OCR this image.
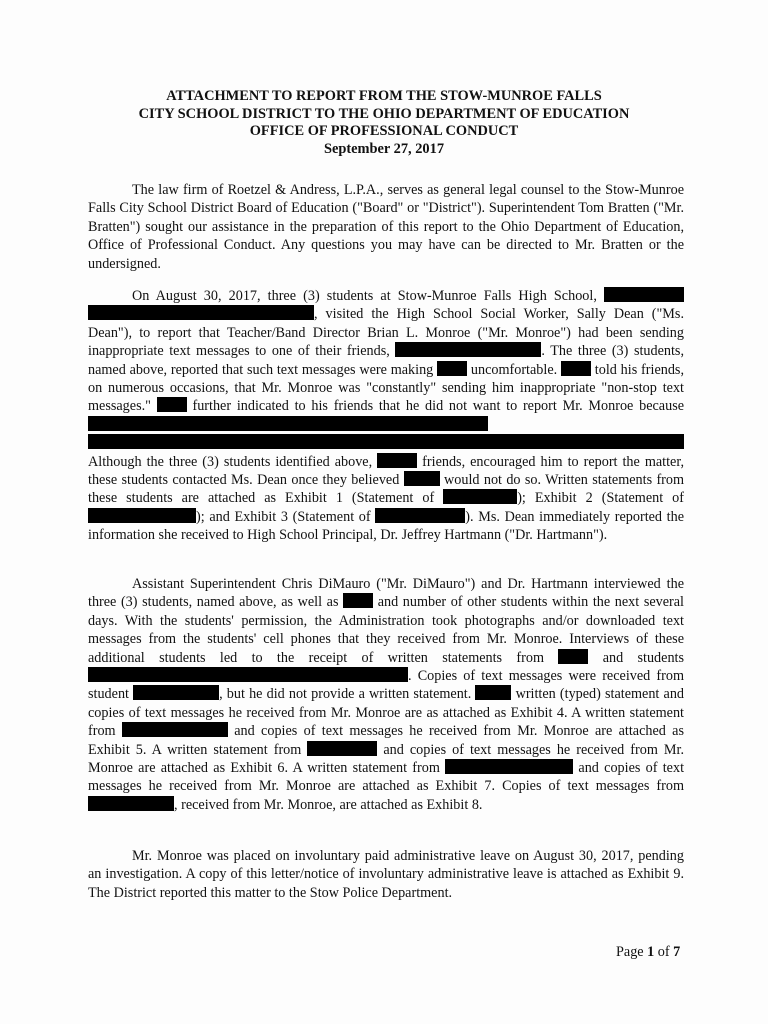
ATTACHMENT TO REPORT FROM THE STOW-MUNROE FALLS
CITY SCHOOL DISTRICT TO THE OHIO DEPARTMENT OF EDUCATION
OFFICE OF PROFESSIONAL CONDUCT
September 27, 2017
The law firm of Roetzel & Andress, L.P.A., serves as general legal counsel to the Stow-Munroe Falls City School District Board of Education ("Board" or "District"). Superintendent Tom Bratten ("Mr. Bratten") sought our assistance in the preparation of this report to the Ohio Department of Education, Office of Professional Conduct. Any questions you may have can be directed to Mr. Bratten or the undersigned.
On August 30, 2017, three (3) students at Stow-Munroe Falls High School,  , visited the High School Social Worker, Sally Dean ("Ms. Dean"), to report that Teacher/Band Director Brian L. Monroe ("Mr. Monroe") had been sending inappropriate text messages to one of their friends,	. The three (3) students, named above, reported that such text messages were making	uncomfortable.	told his friends, on numerous occasions, that Mr. Monroe was "constantly" sending him inappropriate "non-stop text messages."	further indicated to his friends that he did not want to report Mr. Monroe because   Although the three (3) students identified above,	friends, encouraged him to report the matter, these students contacted Ms. Dean once they believed	would not do so. Written statements from these students are attached as Exhibit 1 (Statement of	); Exhibit 2 (Statement of ); and Exhibit 3 (Statement of	). Ms. Dean immediately reported the information she received to High School Principal, Dr. Jeffrey Hartmann ("Dr. Hartmann").
Assistant Superintendent Chris DiMauro ("Mr. DiMauro") and Dr. Hartmann interviewed the three (3) students, named above, as well as	and number of other students within the next several days. With the students' permission, the Administration took photographs and/or downloaded text messages from the students' cell phones that they received from Mr. Monroe. Interviews of these additional students led to the receipt of written statements from	and students . Copies of text messages were received from student	, but he did not provide a written statement.	written (typed) statement and copies of text messages he received from Mr. Monroe are as attached as Exhibit 4. A written statement from	and copies of text messages he received from Mr. Monroe are attached as Exhibit 5. A written statement from	and copies of text messages he received from Mr. Monroe are attached as Exhibit 6. A written statement from	and copies of text messages he received from Mr. Monroe are attached as Exhibit 7. Copies of text messages from , received from Mr. Monroe, are attached as Exhibit 8.
Mr. Monroe was placed on involuntary paid administrative leave on August 30, 2017, pending an investigation. A copy of this letter/notice of involuntary administrative leave is attached as Exhibit 9. The District reported this matter to the Stow Police Department.
Page 1 of 7
